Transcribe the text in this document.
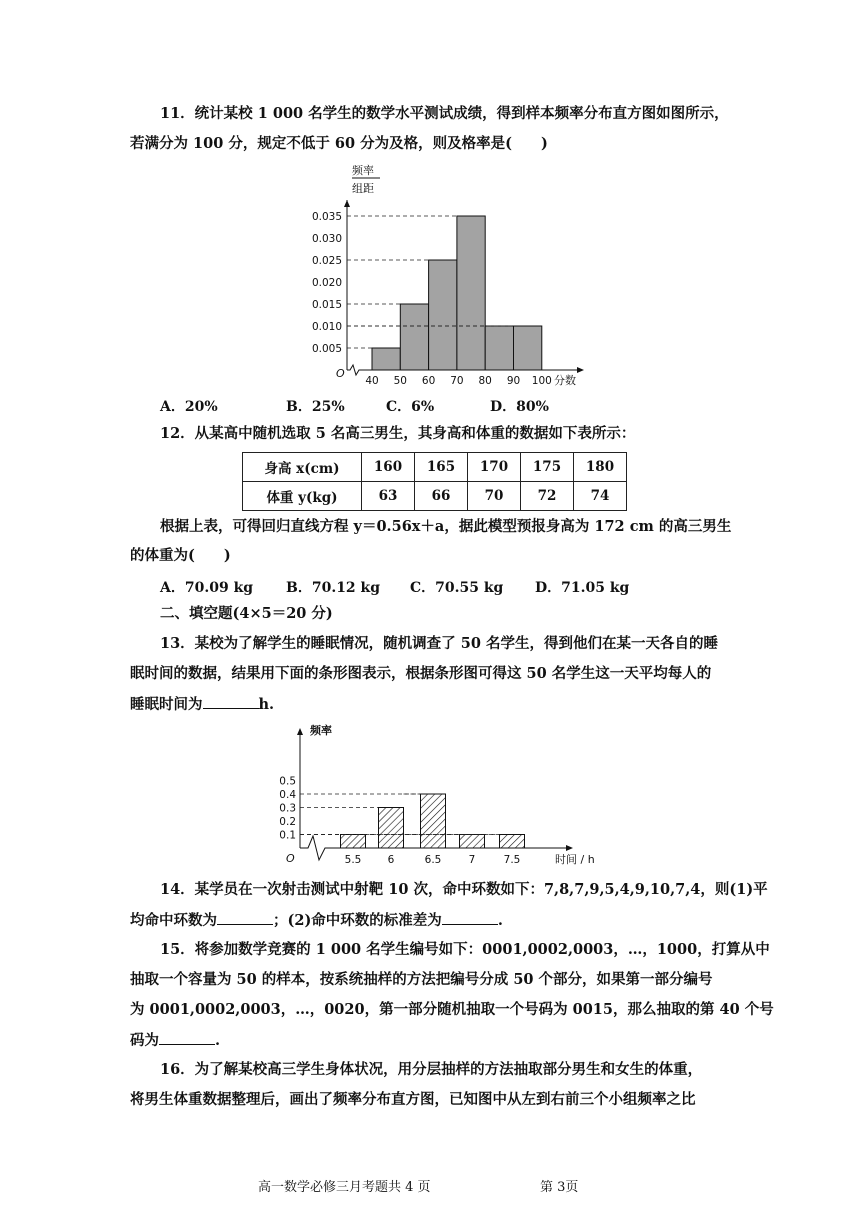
11．统计某校 1 000 名学生的数学水平测试成绩，得到样本频率分布直方图如图所示，
若满分为 100 分，规定不低于 60 分为及格，则及格率是(　　)
频率
组距
O
0.005
0.010
0.015
0.020
0.025
0.030
0.035
40 50 60 70 80 90 100 分数
A．20%	B．25%	C．6%	D．80%
12．从某高中随机选取 5 名高三男生，其身高和体重的数据如下表所示：
身高 x(cm)	160	165	170	175	180
体重 y(kg)	63	66	70	72	74
根据上表，可得回归直线方程 y＝0.56x＋a，据此模型预报身高为 172 cm 的高三男生
的体重为(　　)
A．70.09 kg B．70.12 kg C．70.55 kg D．71.05 kg
二、填空题(4×5＝20 分)
13．某校为了解学生的睡眠情况，随机调查了 50 名学生，得到他们在某一天各自的睡
眠时间的数据，结果用下面的条形图表示，根据条形图可得这 50 名学生这一天平均每人的
睡眠时间为	h.
频率
O
0.1
0.2
0.3
0.4
0.5
5.5	6	6.5	7	7.5	时间 / h
14．某学员在一次射击测试中射靶 10 次，命中环数如下：7,8,7,9,5,4,9,10,7,4，则(1)平
均命中环数为	；(2)命中环数的标准差为	.
15．将参加数学竞赛的 1 000 名学生编号如下：0001,0002,0003，…，1000，打算从中
抽取一个容量为 50 的样本，按系统抽样的方法把编号分成 50 个部分，如果第一部分编号
为 0001,0002,0003，…，0020，第一部分随机抽取一个号码为 0015，那么抽取的第 40 个号
码为	.
16．为了解某校高三学生身体状况，用分层抽样的方法抽取部分男生和女生的体重，
将男生体重数据整理后，画出了频率分布直方图，已知图中从左到右前三个小组频率之比
高一数学必修三月考题共 4 页	第 3页
